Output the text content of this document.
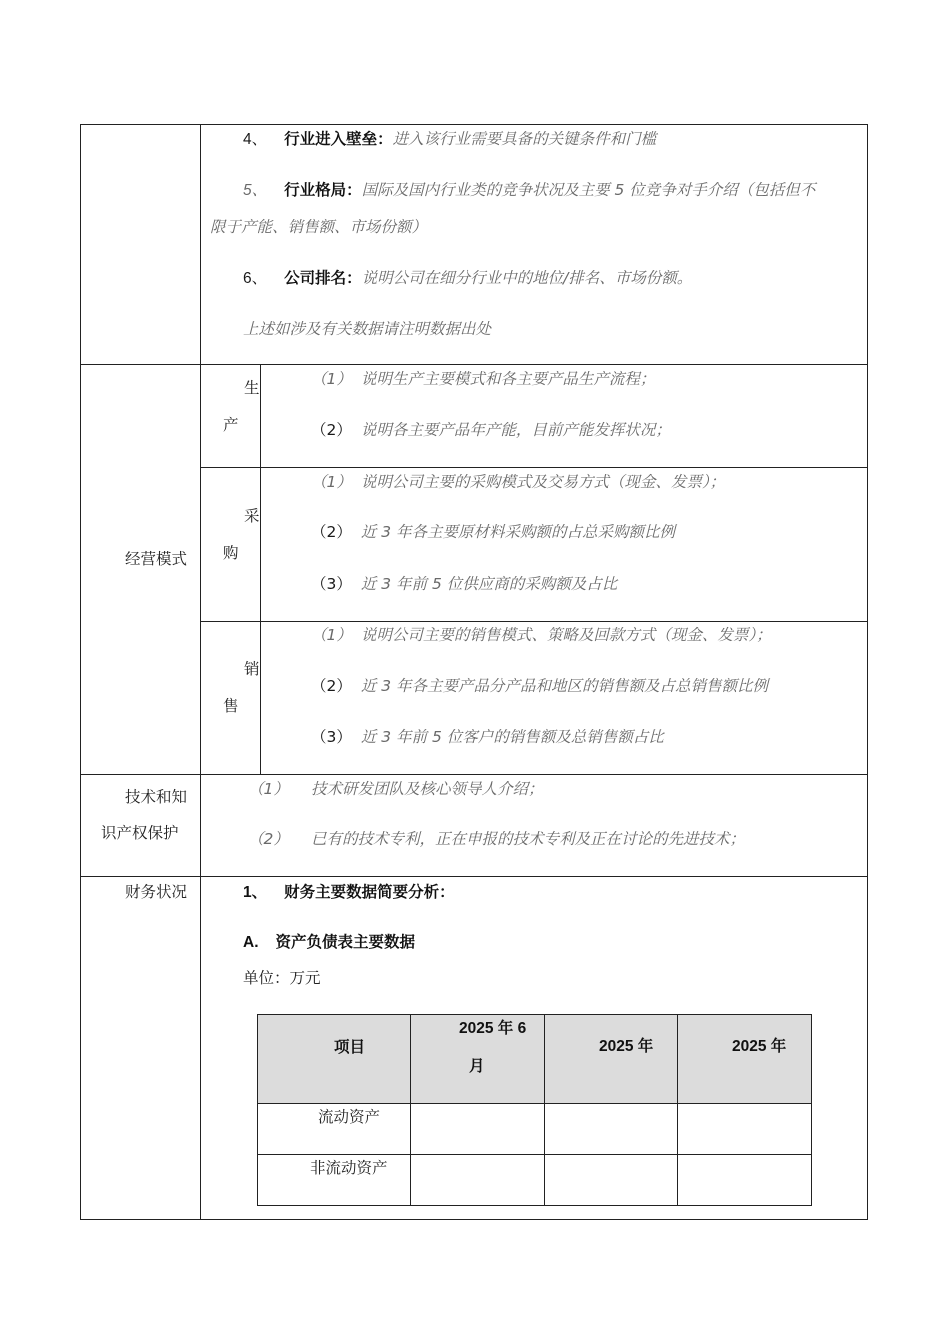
4、 行业进入壁垒：进入该行业需要具备的关键条件和门槛
5、 行业格局：国际及国内行业类的竞争状况及主要 5 位竞争对手介绍（包括但不
限于产能、销售额、市场份额）
6、 公司排名：说明公司在细分行业中的地位/排名、市场份额。
上述如涉及有关数据请注明数据出处
经营模式
生
产
（1） 说明生产主要模式和各主要产品生产流程；
（2） 说明各主要产品年产能，目前产能发挥状况；
采
购
（1） 说明公司主要的采购模式及交易方式（现金、发票）；
（2） 近 3 年各主要原材料采购额的占总采购额比例
（3） 近 3 年前 5 位供应商的采购额及占比
销
售
（1） 说明公司主要的销售模式、策略及回款方式（现金、发票）；
（2） 近 3 年各主要产品分产品和地区的销售额及占总销售额比例
（3） 近 3 年前 5 位客户的销售额及总销售额占比
技术和知
识产权保护
（1） 技术研发团队及核心领导人介绍；
（2） 已有的技术专利，正在申报的技术专利及正在讨论的先进技术；
财务状况	1、 财务主要数据简要分析：
A. 资产负债表主要数据
单位：万元
项目
2025 年 6
月
2025 年	2025 年
流动资产
非流动资产
